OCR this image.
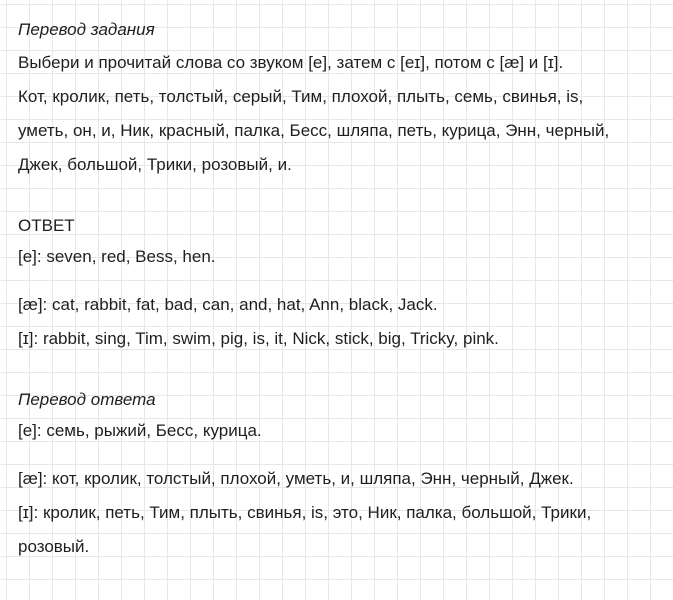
Перевод задания

Выбери и прочитай слова со звуком [e], затем с [eɪ], потом с [æ] и [ɪ].

Кот, кролик, петь, толстый, серый, Тим, плохой, плыть, семь, свинья, is,

уметь, он, и, Ник, красный, палка, Бесс, шляпа, петь, курица, Энн, черный,

Джек, большой, Трики, розовый, и.

ОТВЕТ

[e]: seven, red, Bess, hen.

[æ]: cat, rabbit, fat, bad, can, and, hat, Ann, black, Jack.

[ɪ]: rabbit, sing, Tim, swim, pig, is, it, Nick, stick, big, Tricky, pink.

Перевод ответа

[e]: семь, рыжий, Бесс, курица.

[æ]: кот, кролик, толстый, плохой, уметь, и, шляпа, Энн, черный, Джек.

[ɪ]: кролик, петь, Тим, плыть, свинья, is, это, Ник, палка, большой, Трики,

розовый.
